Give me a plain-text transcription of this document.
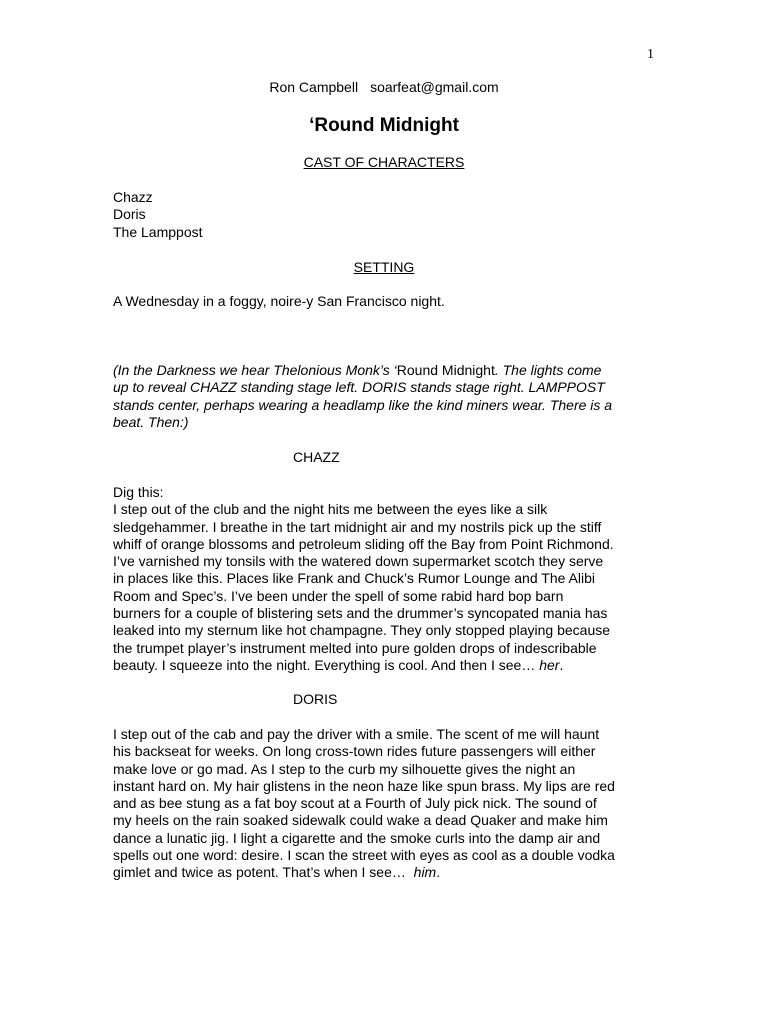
1
Ron Campbell soarfeat@gmail.com
‘Round Midnight
CAST OF CHARACTERS
Chazz
Doris
The Lamppost
SETTING
A Wednesday in a foggy, noire-y San Francisco night.
(In the Darkness we hear Thelonious Monk’s ‘Round Midnight. The lights come
up to reveal CHAZZ standing stage left. DORIS stands stage right. LAMPPOST
stands center, perhaps wearing a headlamp like the kind miners wear. There is a
beat. Then:)
CHAZZ
Dig this:
I step out of the club and the night hits me between the eyes like a silk
sledgehammer. I breathe in the tart midnight air and my nostrils pick up the stiff
whiff of orange blossoms and petroleum sliding off the Bay from Point Richmond.
I’ve varnished my tonsils with the watered down supermarket scotch they serve
in places like this. Places like Frank and Chuck’s Rumor Lounge and The Alibi
Room and Spec’s. I’ve been under the spell of some rabid hard bop barn
burners for a couple of blistering sets and the drummer’s syncopated mania has
leaked into my sternum like hot champagne. They only stopped playing because
the trumpet player’s instrument melted into pure golden drops of indescribable
beauty. I squeeze into the night. Everything is cool. And then I see… her.
DORIS
I step out of the cab and pay the driver with a smile. The scent of me will haunt
his backseat for weeks. On long cross-town rides future passengers will either
make love or go mad. As I step to the curb my silhouette gives the night an
instant hard on. My hair glistens in the neon haze like spun brass. My lips are red
and as bee stung as a fat boy scout at a Fourth of July pick nick. The sound of
my heels on the rain soaked sidewalk could wake a dead Quaker and make him
dance a lunatic jig. I light a cigarette and the smoke curls into the damp air and
spells out one word: desire. I scan the street with eyes as cool as a double vodka
gimlet and twice as potent. That’s when I see…  him.
